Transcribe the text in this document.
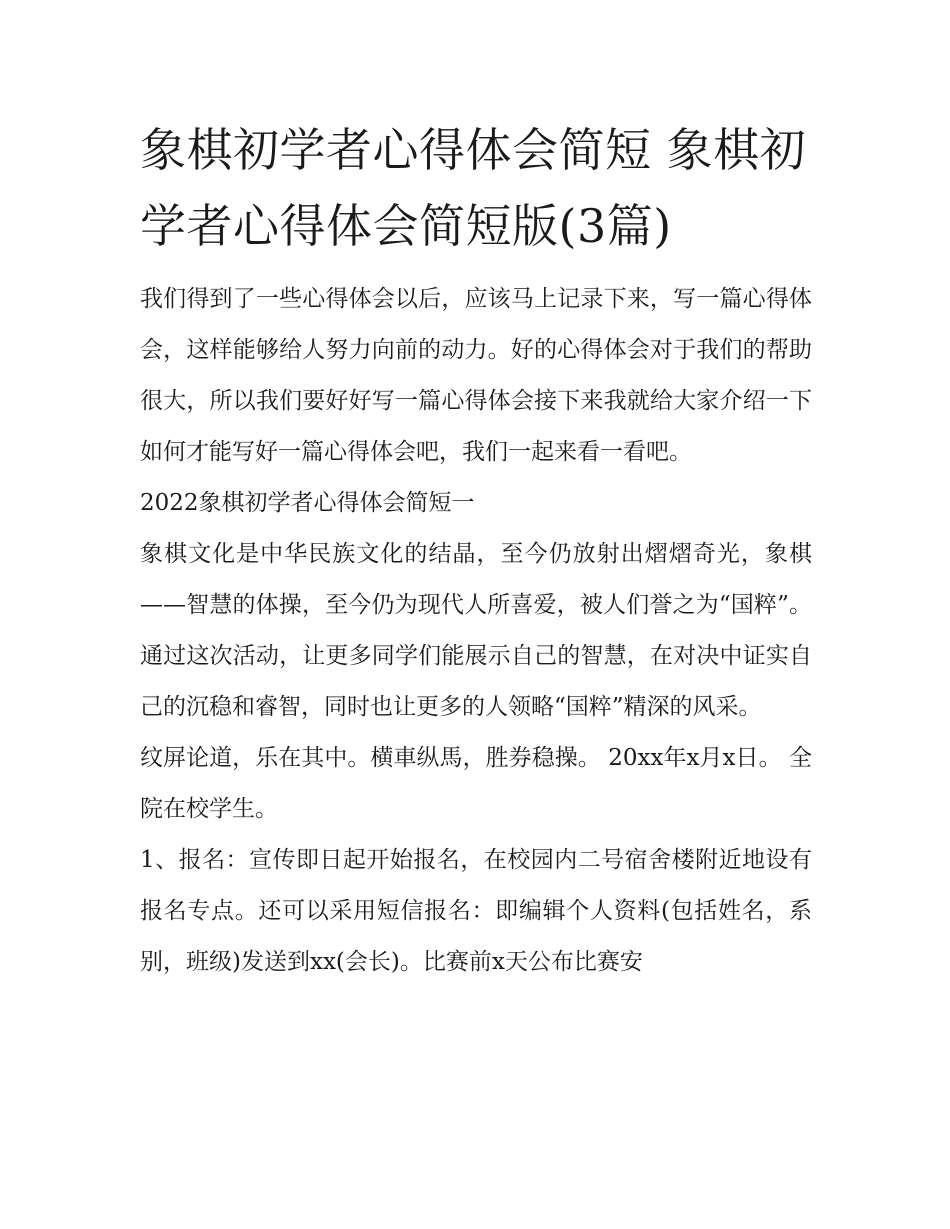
象棋初学者心得体会简短 象棋初学者心得体会简短版(3篇)

我们得到了一些心得体会以后，应该马上记录下来，写一篇心得体会，这样能够给人努力向前的动力。好的心得体会对于我们的帮助很大，所以我们要好好写一篇心得体会接下来我就给大家介绍一下如何才能写好一篇心得体会吧，我们一起来看一看吧。

2022象棋初学者心得体会简短一

象棋文化是中华民族文化的结晶，至今仍放射出熠熠奇光，象棋——智慧的体操，至今仍为现代人所喜爱，被人们誉之为“国粹”。通过这次活动，让更多同学们能展示自己的智慧，在对决中证实自己的沉稳和睿智，同时也让更多的人领略“国粹”精深的风采。

纹屏论道，乐在其中。横車纵馬，胜券稳操。 20xx年x月x日。 全院在校学生。

1、报名：宣传即日起开始报名，在校园内二号宿舍楼附近地设有报名专点。还可以采用短信报名：即编辑个人资料(包括姓名，系别，班级)发送到xx(会长)。比赛前x天公布比赛安
